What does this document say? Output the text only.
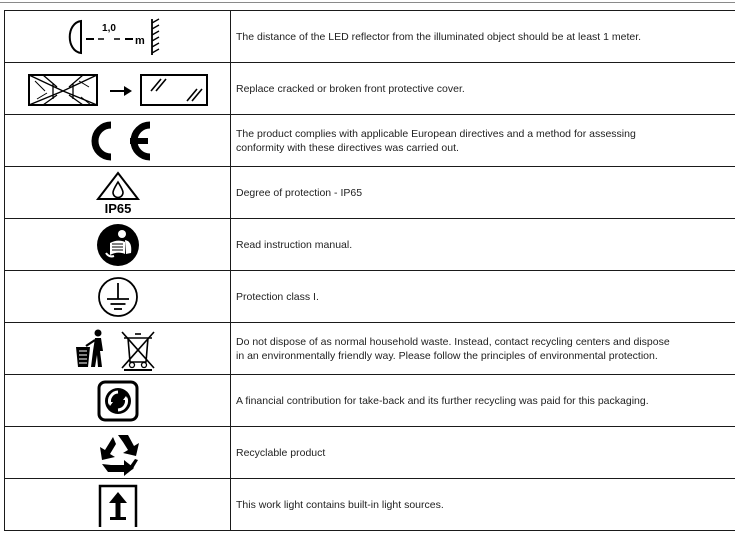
1,0
m	The distance of the LED reflector from the illuminated object should be at least 1 meter.

	Replace cracked or broken front protective cover.

The product complies with applicable European directives and a method for assessing
conformity with these directives was carried out.

IP65	Degree of protection - IP65

	Read instruction manual.

	Protection class I.

Do not dispose of as normal household waste. Instead, contact recycling centers and dispose
in an environmentally friendly way. Please follow the principles of environmental protection.

	A financial contribution for take-back and its further recycling was paid for this packaging.

	Recyclable product

	This work light contains built-in light sources.
